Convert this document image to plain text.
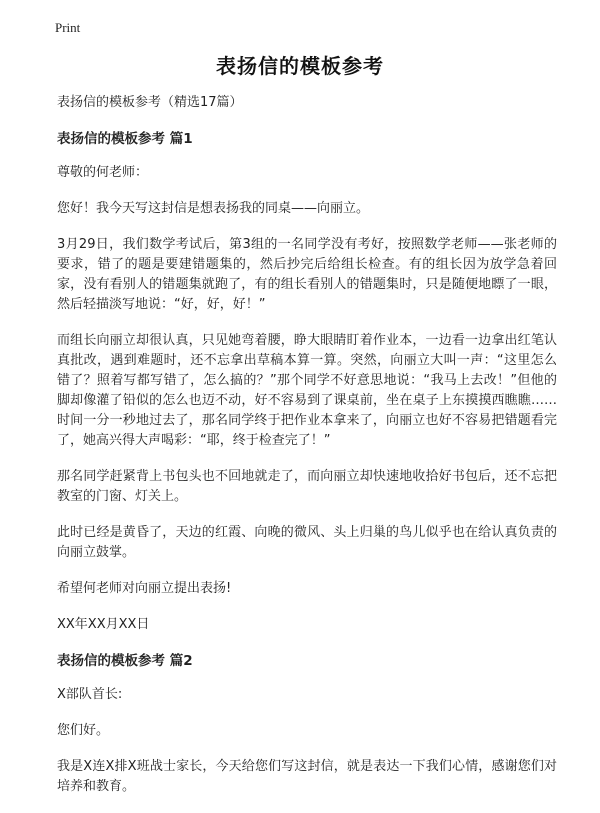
Print
表扬信的模板参考
表扬信的模板参考（精选17篇）
表扬信的模板参考 篇1

尊敬的何老师：

您好！我今天写这封信是想表扬我的同桌——向丽立。

3月29日，我们数学考试后，第3组的一名同学没有考好，按照数学老师——张老师的要求，错了的题是要建错题集的，然后抄完后给组长检查。有的组长因为放学急着回家，没有看别人的错题集就跑了，有的组长看别人的错题集时，只是随便地瞟了一眼，然后轻描淡写地说：“好，好，好！”

而组长向丽立却很认真，只见她弯着腰，睁大眼睛盯着作业本，一边看一边拿出红笔认真批改，遇到难题时，还不忘拿出草稿本算一算。突然，向丽立大叫一声：“这里怎么错了？照着写都写错了，怎么搞的？”那个同学不好意思地说：“我马上去改！”但他的脚却像灌了铅似的怎么也迈不动，好不容易到了课桌前，坐在桌子上东摸摸西瞧瞧……时间一分一秒地过去了，那名同学终于把作业本拿来了，向丽立也好不容易把错题看完了，她高兴得大声喝彩：“耶，终于检查完了！”

那名同学赶紧背上书包头也不回地就走了，而向丽立却快速地收拾好书包后，还不忘把教室的门窗、灯关上。

此时已经是黄昏了，天边的红霞、向晚的微风、头上归巢的鸟儿似乎也在给认真负责的向丽立鼓掌。

希望何老师对向丽立提出表扬!

XX年XX月XX日

表扬信的模板参考 篇2

X部队首长:

您们好。

我是X连X排X班战士家长，今天给您们写这封信，就是表达一下我们心情，感谢您们对培养和教育。
